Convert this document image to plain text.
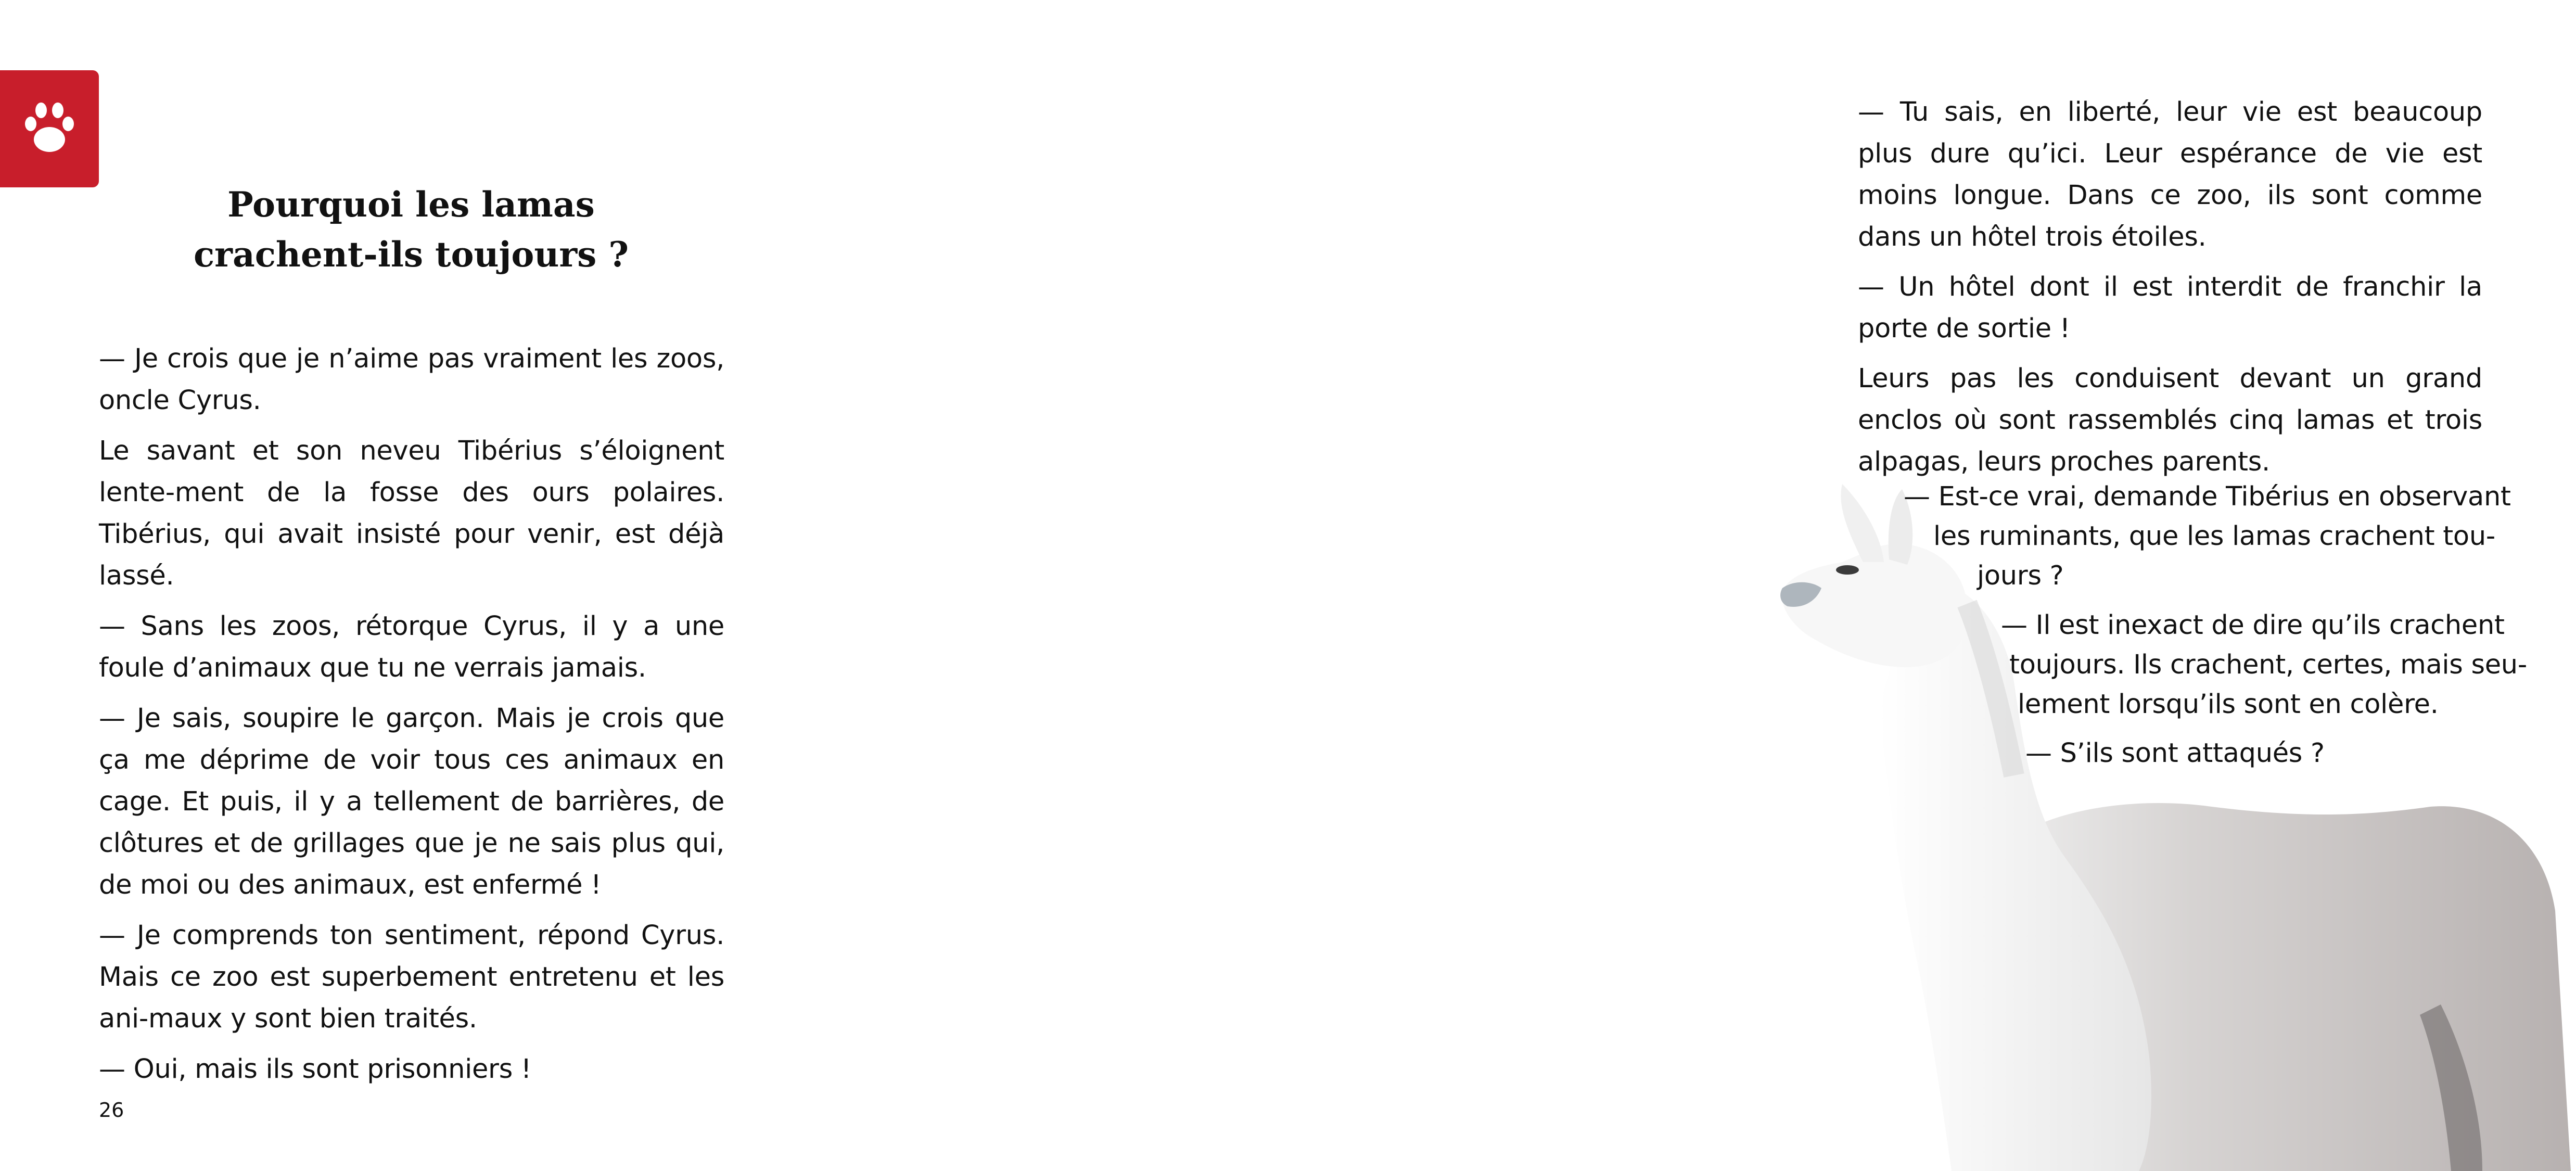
Pourquoi les lamas
crachent-ils toujours ?

— Je crois que je n’aime pas vraiment les zoos, oncle Cyrus.

Le savant et son neveu Tibérius s’éloignent lente-ment de la fosse des ours polaires. Tibérius, qui avait insisté pour venir, est déjà lassé.

— Sans les zoos, rétorque Cyrus, il y a une foule d’animaux que tu ne verrais jamais.

— Je sais, soupire le garçon. Mais je crois que ça me déprime de voir tous ces animaux en cage. Et puis, il y a tellement de barrières, de clôtures et de grillages que je ne sais plus qui, de moi ou des animaux, est enfermé !

— Je comprends ton sentiment, répond Cyrus. Mais ce zoo est superbement entretenu et les ani-maux y sont bien traités.

— Oui, mais ils sont prisonniers !

26

— Tu sais, en liberté, leur vie est beaucoup plus dure qu’ici. Leur espérance de vie est moins longue. Dans ce zoo, ils sont comme dans un hôtel trois étoiles.

— Un hôtel dont il est interdit de franchir la porte de sortie !

Leurs pas les conduisent devant un grand enclos où sont rassemblés cinq lamas et trois alpagas, leurs proches parents.

— Est-ce vrai, demande Tibérius en observant
les ruminants, que les lamas crachent tou-
jours ?
— Il est inexact de dire qu’ils crachent
toujours. Ils crachent, certes, mais seu-
lement lorsqu’ils sont en colère.
— S’ils sont attaqués ?
